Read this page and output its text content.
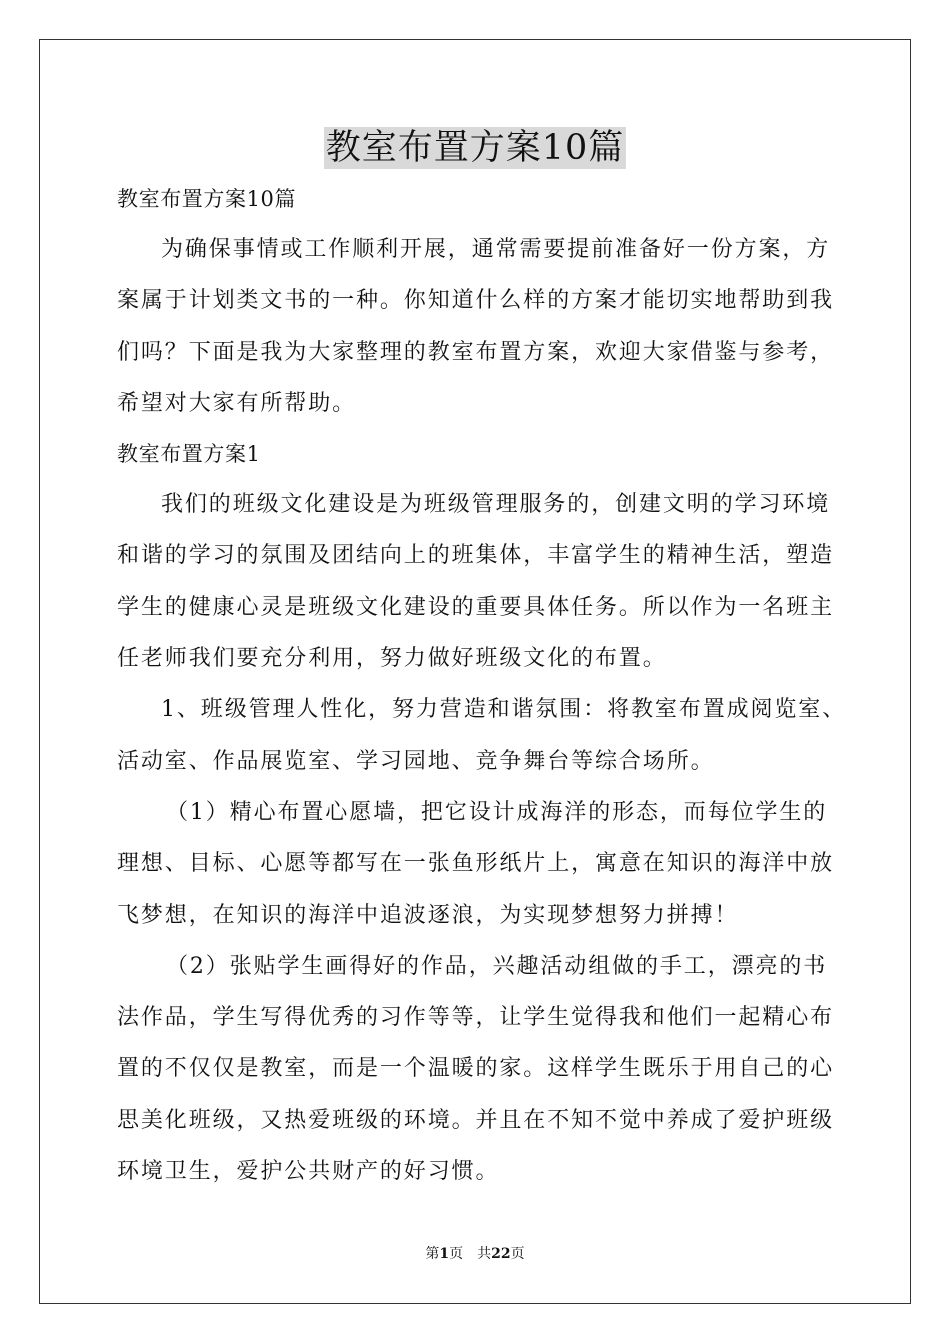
教室布置方案10篇
教室布置方案10篇
为确保事情或工作顺利开展，通常需要提前准备好一份方案，方
案属于计划类文书的一种。你知道什么样的方案才能切实地帮助到我
们吗？下面是我为大家整理的教室布置方案，欢迎大家借鉴与参考，
希望对大家有所帮助。
教室布置方案1
我们的班级文化建设是为班级管理服务的，创建文明的学习环境
和谐的学习的氛围及团结向上的班集体，丰富学生的精神生活，塑造
学生的健康心灵是班级文化建设的重要具体任务。所以作为一名班主
任老师我们要充分利用，努力做好班级文化的布置。
1、班级管理人性化，努力营造和谐氛围：将教室布置成阅览室、
活动室、作品展览室、学习园地、竞争舞台等综合场所。
（1）精心布置心愿墙，把它设计成海洋的形态，而每位学生的
理想、目标、心愿等都写在一张鱼形纸片上，寓意在知识的海洋中放
飞梦想，在知识的海洋中追波逐浪，为实现梦想努力拼搏！
（2）张贴学生画得好的作品，兴趣活动组做的手工，漂亮的书
法作品，学生写得优秀的习作等等，让学生觉得我和他们一起精心布
置的不仅仅是教室，而是一个温暖的家。这样学生既乐于用自己的心
思美化班级，又热爱班级的环境。并且在不知不觉中养成了爱护班级
环境卫生，爱护公共财产的好习惯。
第1页 共22页
